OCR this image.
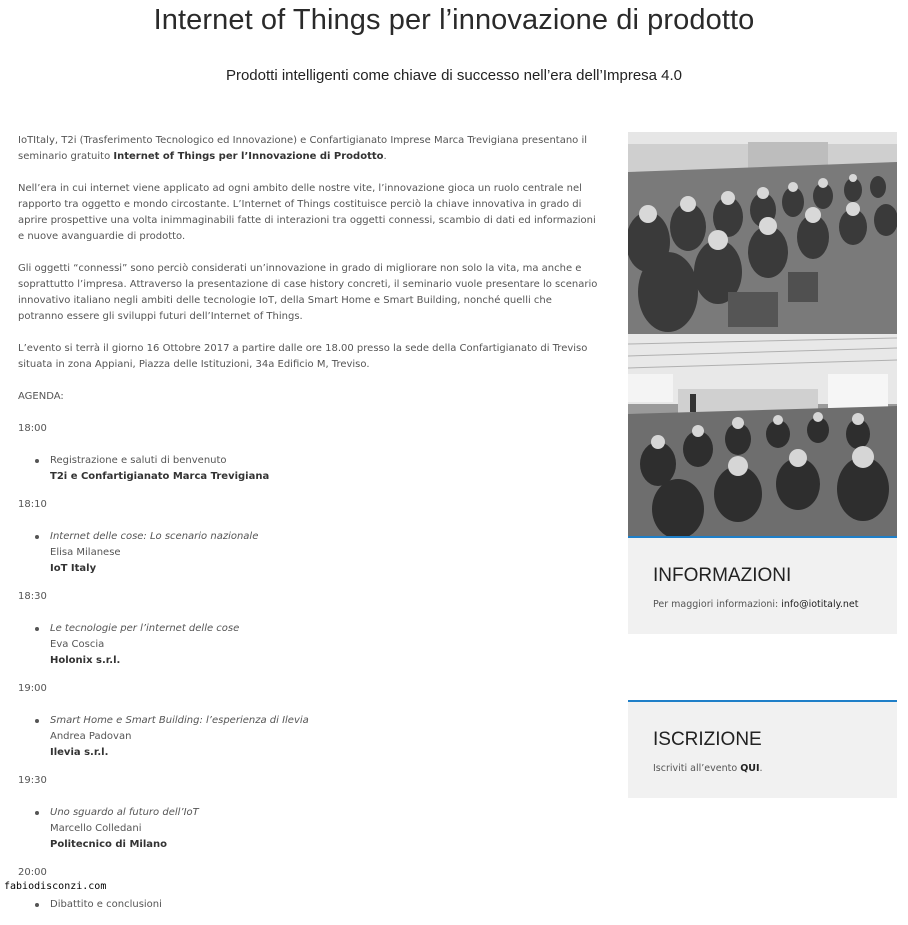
Internet of Things per l’innovazione di prodotto
Prodotti intelligenti come chiave di successo nell’era dell’Impresa 4.0

IoTItaly, T2i (Trasferimento Tecnologico ed Innovazione) e Confartigianato Imprese Marca Trevigiana presentano il seminario gratuito Internet of Things per l’Innovazione di Prodotto.

Nell’era in cui internet viene applicato ad ogni ambito delle nostre vite, l’innovazione gioca un ruolo centrale nel rapporto tra oggetto e mondo circostante. L’Internet of Things costituisce perciò la chiave innovativa in grado di aprire prospettive una volta inimmaginabili fatte di interazioni tra oggetti connessi, scambio di dati ed informazioni e nuove avanguardie di prodotto.

Gli oggetti “connessi” sono perciò considerati un’innovazione in grado di migliorare non solo la vita, ma anche e soprattutto l’impresa. Attraverso la presentazione di case history concreti, il seminario vuole presentare lo scenario innovativo italiano negli ambiti delle tecnologie IoT, della Smart Home e Smart Building, nonché quelli che potranno essere gli sviluppi futuri dell’Internet of Things.

L’evento si terrà il giorno 16 Ottobre 2017 a partire dalle ore 18.00 presso la sede della Confartigianato di Treviso situata in zona Appiani, Piazza delle Istituzioni, 34a Edificio M, Treviso.

AGENDA:

18:00
Registrazione e saluti di benvenuto
T2i e Confartigianato Marca Trevigiana
18:10
Internet delle cose: Lo scenario nazionale
Elisa Milanese
IoT Italy
18:30
Le tecnologie per l’internet delle cose
Eva Coscia
Holonix s.r.l.
19:00
Smart Home e Smart Building: l’esperienza di Ilevia
Andrea Padovan
Ilevia s.r.l.
19:30
Uno sguardo al futuro dell’IoT
Marcello Colledani
Politecnico di Milano
20:00
Dibattito e conclusioni
INFORMAZIONI
Per maggiori informazioni: info@iotitaly.net
ISCRIZIONE
Iscriviti all’evento QUI.
fabiodisconzi.com
